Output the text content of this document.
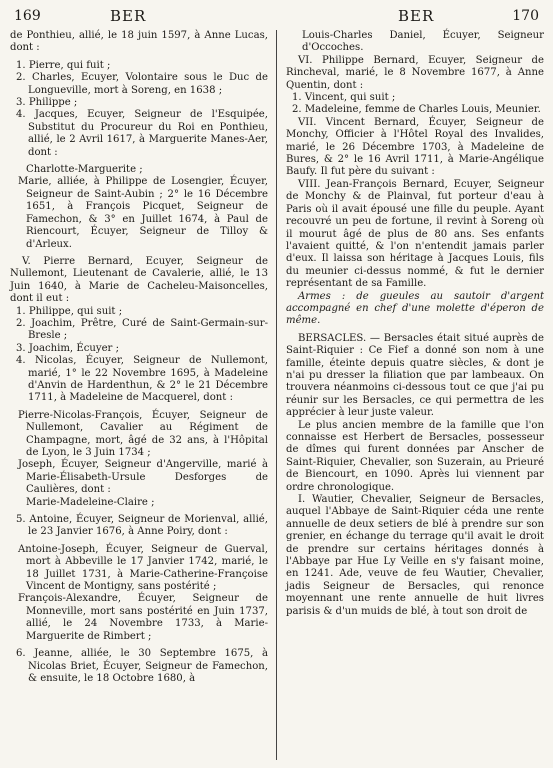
169	BER	BER	170

de Ponthieu, allié, le 18 juin 1597, à Anne Lucas, dont :

1. Pierre, qui fuit ;

2. Charles, Ecuyer, Volontaire sous le Duc de Longueville, mort à Soreng, en 1638 ;

3. Philippe ;

4. Jacques, Ecuyer, Seigneur de l'Esquipée, Substitut du Procureur du Roi en Ponthieu, allié, le 2 Avril 1617, à Marguerite Manes-Aer, dont :

Charlotte-Marguerite ;

Marie, alliée, à Philippe de Losengier, Écuyer, Seigneur de Saint-Aubin ; 2° le 16 Décembre 1651, à François Picquet, Seigneur de Famechon, & 3° en Juillet 1674, à Paul de Riencourt, Écuyer, Seigneur de Tilloy & d'Arleux.

V. Pierre Bernard, Ecuyer, Seigneur de Nullemont, Lieutenant de Cavalerie, allié, le 13 Juin 1640, à Marie de Cacheleu-Maisoncelles, dont il eut :

1. Philippe, qui suit ;

2. Joachim, Prêtre, Curé de Saint-Germain-sur-Bresle ;

3. Joachim, Écuyer ;

4. Nicolas, Écuyer, Seigneur de Nullemont, marié, 1° le 22 Novembre 1695, à Madeleine d'Anvin de Hardenthun, & 2° le 21 Décembre 1711, à Madeleine de Macquerel, dont :

Pierre-Nicolas-François, Écuyer, Seigneur de Nullemont, Cavalier au Régiment de Champagne, mort, âgé de 32 ans, à l'Hôpital de Lyon, le 3 Juin 1734 ;

Joseph, Écuyer, Seigneur d'Angerville, marié à Marie-Élisabeth-Ursule Desforges de Caulières, dont :

Marie-Madeleine-Claire ;

5. Antoine, Écuyer, Seigneur de Morienval, allié, le 23 Janvier 1676, à Anne Poiry, dont :

Antoine-Joseph, Écuyer, Seigneur de Guerval, mort à Abbeville le 17 Janvier 1742, marié, le 18 Juillet 1731, à Marie-Catherine-Françoise Vincent de Montigny, sans postérité ;

François-Alexandre, Écuyer, Seigneur de Monneville, mort sans postérité en Juin 1737, allié, le 24 Novembre 1733, à Marie-Marguerite de Rimbert ;

6. Jeanne, alliée, le 30 Septembre 1675, à Nicolas Briet, Écuyer, Seigneur de Famechon, & ensuite, le 18 Octobre 1680, à

Louis-Charles Daniel, Écuyer, Seigneur d'Occoches.

VI. Philippe Bernard, Ecuyer, Seigneur de Rincheval, marié, le 8 Novembre 1677, à Anne Quentin, dont :

1. Vincent, qui suit ;

2. Madeleine, femme de Charles Louis, Meunier.

VII. Vincent Bernard, Écuyer, Seigneur de Monchy, Officier à l'Hôtel Royal des Invalides, marié, le 26 Décembre 1703, à Madeleine de Bures, & 2° le 16 Avril 1711, à Marie-Angélique Baufy. Il fut père du suivant :

VIII. Jean-François Bernard, Ecuyer, Seigneur de Monchy & de Plainval, fut porteur d'eau à Paris où il avait épousé une fille du peuple. Ayant recouvré un peu de fortune, il revint à Soreng où il mourut âgé de plus de 80 ans. Ses enfants l'avaient quitté, & l'on n'entendit jamais parler d'eux. Il laissa son héritage à Jacques Louis, fils du meunier ci-dessus nommé, & fut le dernier représentant de sa Famille.

Armes : de gueules au sautoir d'argent accompagné en chef d'une molette d'éperon de même.

BERSACLES. — Bersacles était situé auprès de Saint-Riquier : Ce Fief a donné son nom à une famille, éteinte depuis quatre siècles, & dont je n'ai pu dresser la filiation que par lambeaux. On trouvera néanmoins ci-dessous tout ce que j'ai pu réunir sur les Bersacles, ce qui permettra de les apprécier à leur juste valeur.

Le plus ancien membre de la famille que l'on connaisse est Herbert de Bersacles, possesseur de dîmes qui furent données par Anscher de Saint-Riquier, Chevalier, son Suzerain, au Prieuré de Biencourt, en 1090. Après lui viennent par ordre chronologique.

I. Wautier, Chevalier, Seigneur de Bersacles, auquel l'Abbaye de Saint-Riquier céda une rente annuelle de deux setiers de blé à prendre sur son grenier, en échange du terrage qu'il avait le droit de prendre sur certains héritages donnés à l'Abbaye par Hue Ly Veille en s'y faisant moine, en 1241. Ade, veuve de feu Wautier, Chevalier, jadis Seigneur de Bersacles, qui renonce moyennant une rente annuelle de huit livres parisis & d'un muids de blé, à tout son droit de
